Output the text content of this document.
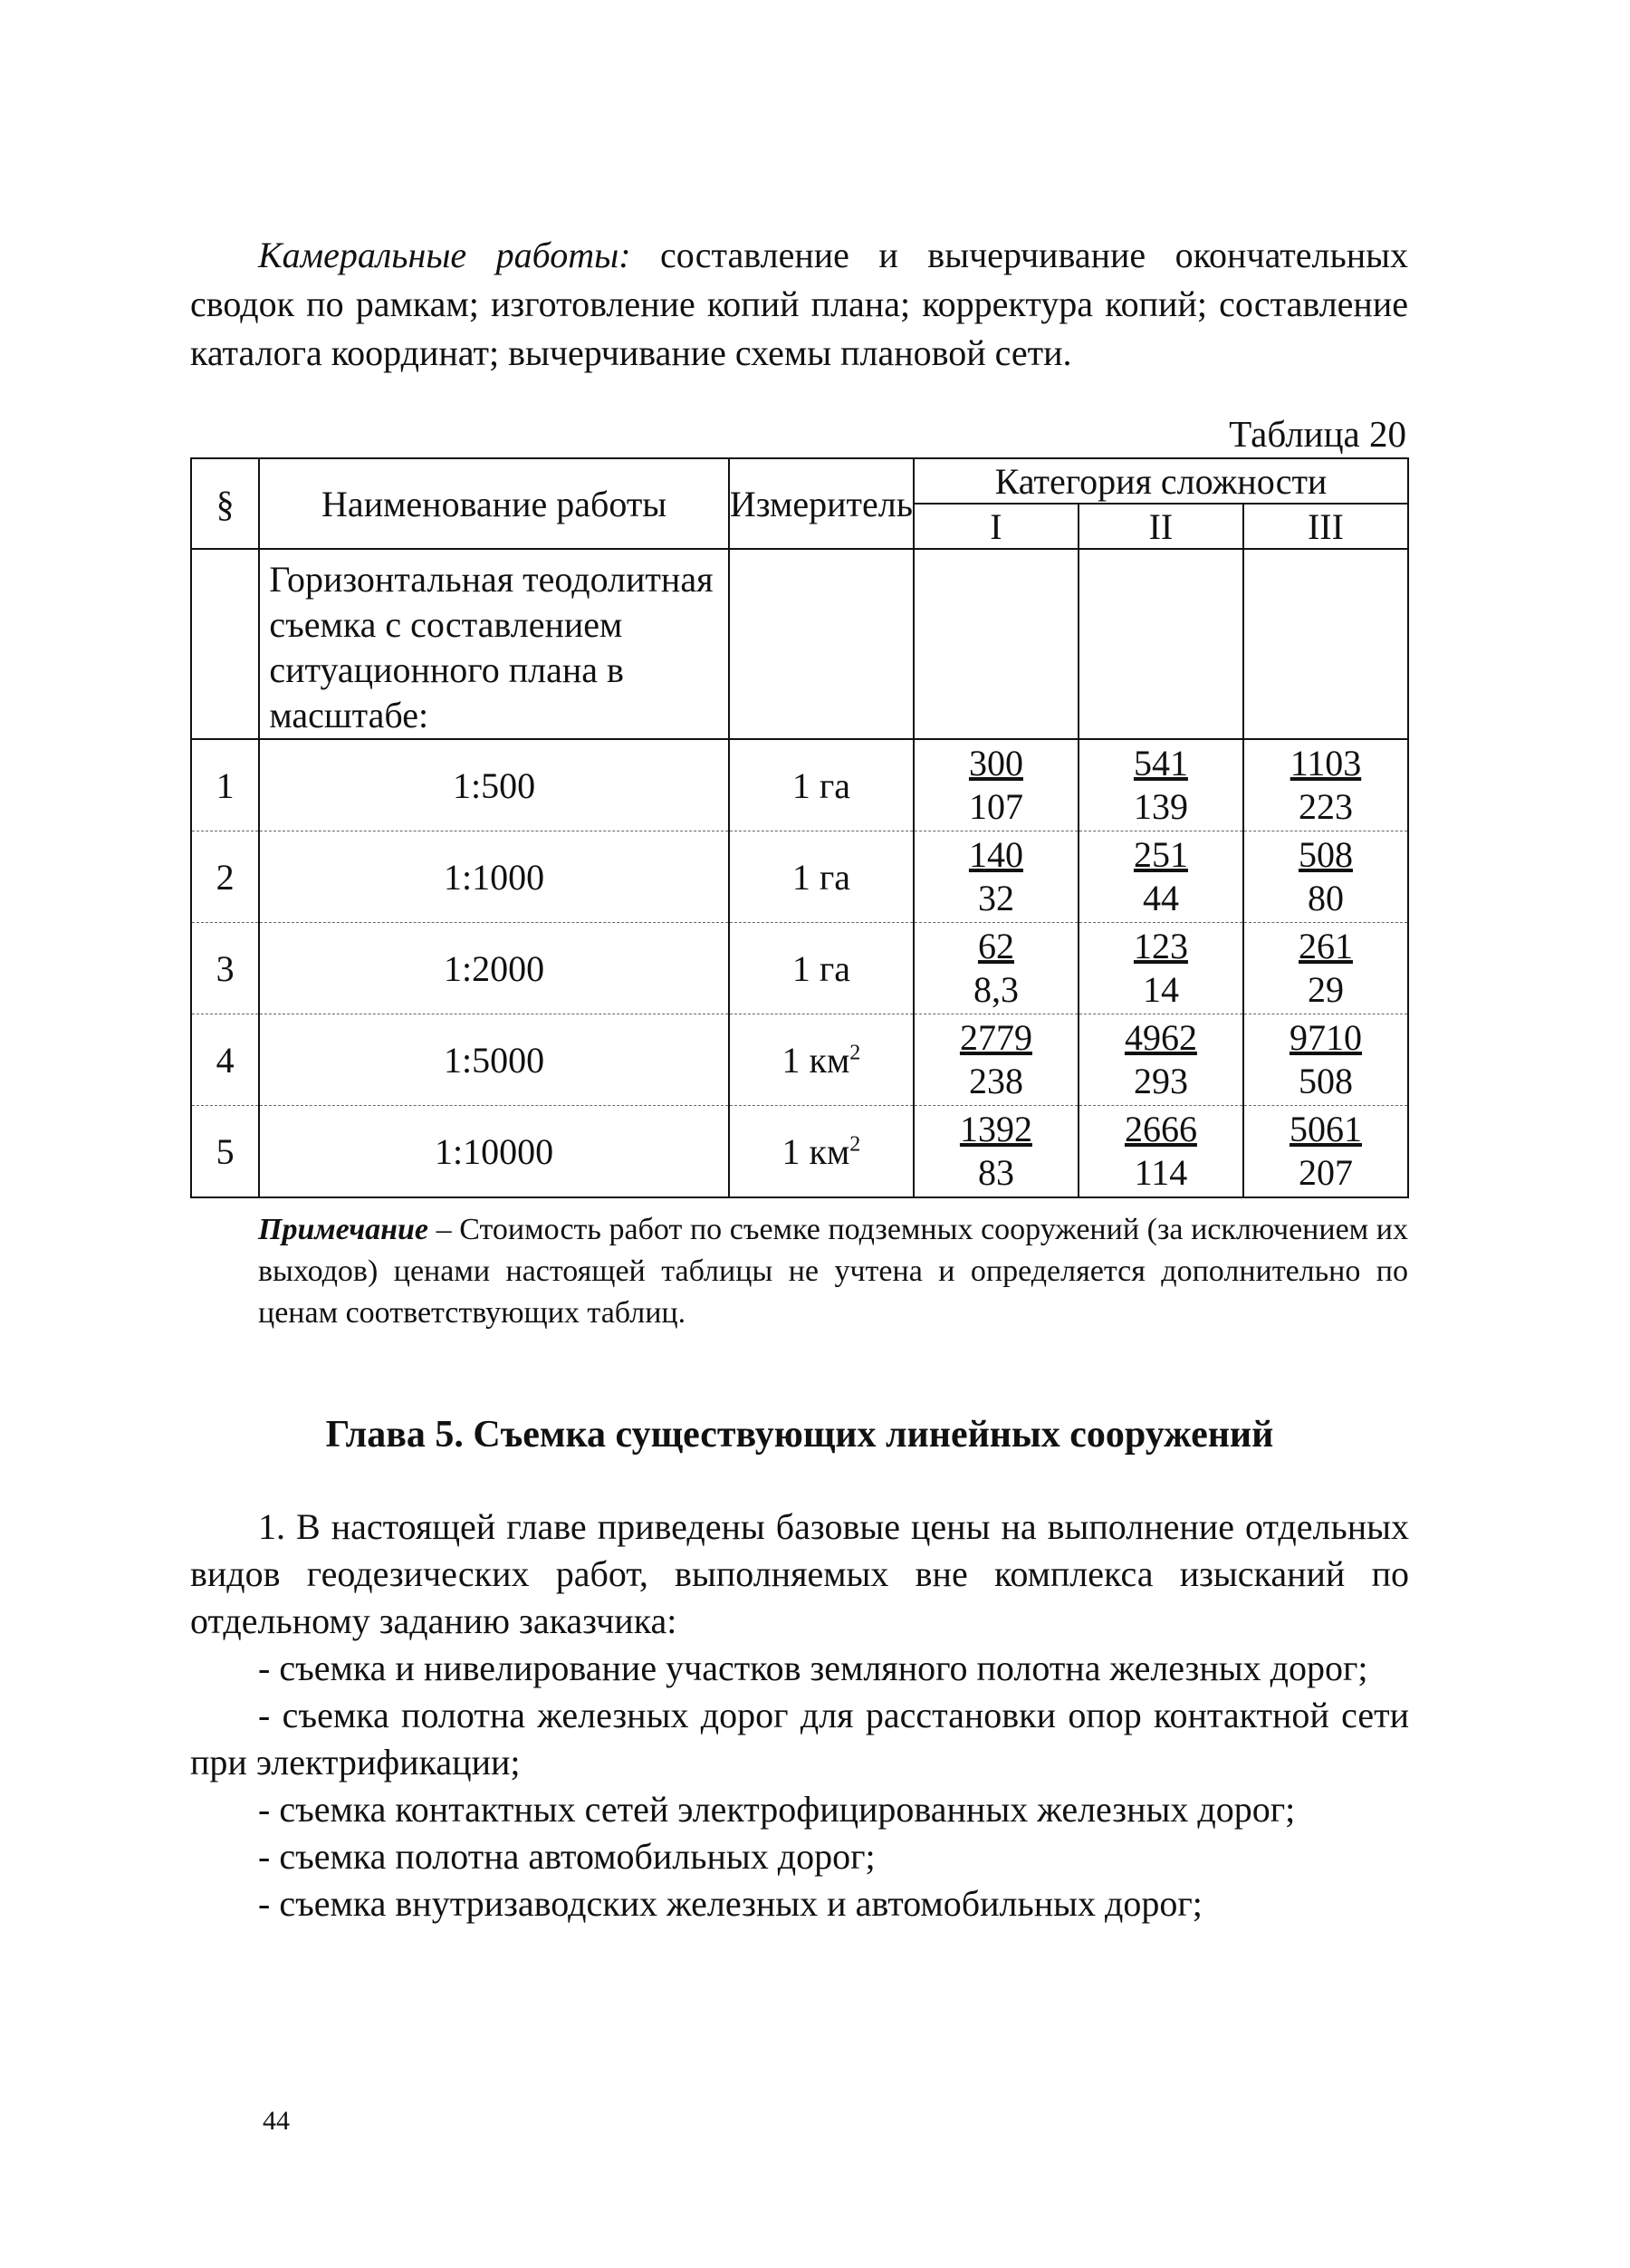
Камеральные работы: составление и вычерчивание окончательных сводок по рамкам; изготовление копий плана; корректура копий; составление каталога координат; вычерчивание схемы плановой сети.

Таблица 20
§	Наименование работы	Измеритель	Категория сложности		
			I	II	III
	Горизонтальная теодолитная съемка с составлением ситуационного плана в масштабе:				
1	1:500	1 га	$\frac{300}{107}$	$\frac{541}{139}$	$\frac{1103}{223}$

2	1:1000	1 га	$\frac{140}{32}$	$\frac{251}{44}$	$\frac{508}{80}$

3	1:2000	1 га	$\frac{62}{8,3}$	$\frac{123}{14}$	$\frac{261}{29}$

4	1:5000	1 $км^2$	$\frac{2779}{238}$	$\frac{4962}{293}$	$\frac{9710}{508}$

5	1:10000	1 $км^2$	$\frac{1392}{83}$	$\frac{2666}{114}$	$\frac{5061}{207}$
Примечание – Стоимость работ по съемке подземных сооружений (за исключением их выходов) ценами настоящей таблицы не учтена и определяется дополнительно по ценам соответствующих таблиц.
Глава 5. Съемка существующих линейных сооружений

1. В настоящей главе приведены базовые цены на выполнение отдельных видов геодезических работ, выполняемых вне комплекса изысканий по отдельному заданию заказчика:

- съемка и нивелирование участков земляного полотна железных дорог;

- съемка полотна железных дорог для расстановки опор контактной сети при электрификации;

- съемка контактных сетей электрофицированных железных дорог;

- съемка полотна автомобильных дорог;

- съемка внутризаводских железных и автомобильных дорог;

44
